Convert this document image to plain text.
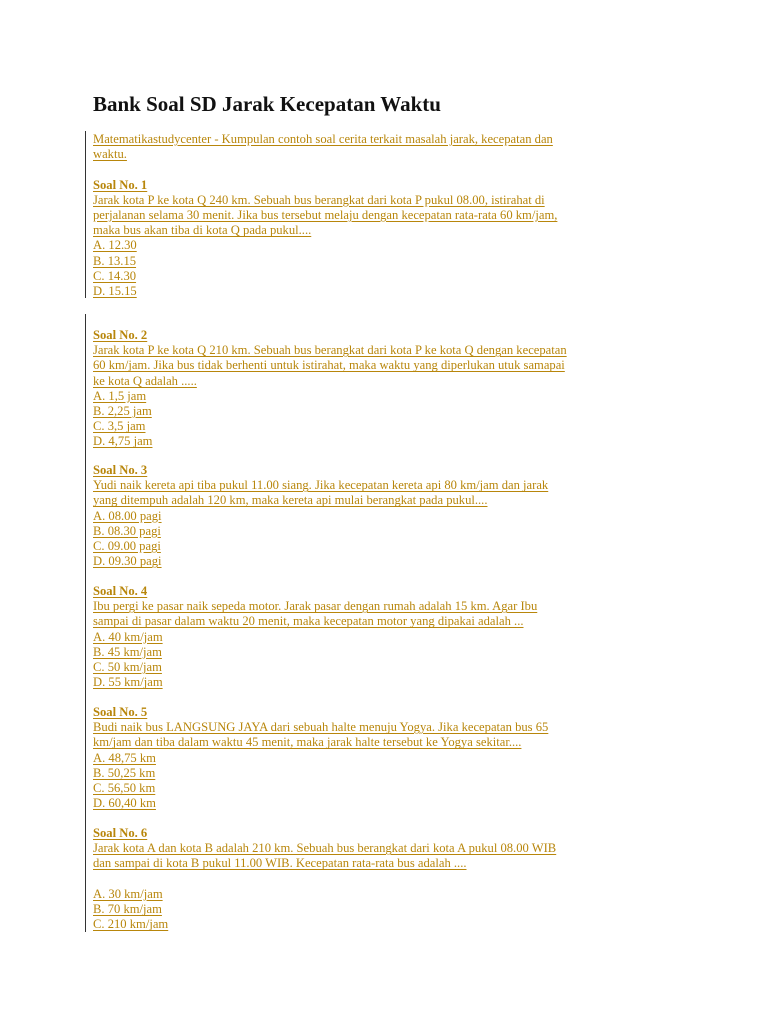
Bank Soal SD Jarak Kecepatan Waktu
Matematikastudycenter - Kumpulan contoh soal cerita terkait masalah jarak, kecepatan dan
waktu.
Soal No. 1
Jarak kota P ke kota Q 240 km. Sebuah bus berangkat dari kota P pukul 08.00, istirahat di
perjalanan selama 30 menit. Jika bus tersebut melaju dengan kecepatan rata-rata 60 km/jam,
maka bus akan tiba di kota Q pada pukul....
A. 12.30
B. 13.15
C. 14.30
D. 15.15
Soal No. 2
Jarak kota P ke kota Q 210 km. Sebuah bus berangkat dari kota P ke kota Q dengan kecepatan
60 km/jam. Jika bus tidak berhenti untuk istirahat, maka waktu yang diperlukan utuk samapai
ke kota Q adalah .....
A. 1,5 jam
B. 2,25 jam
C. 3,5 jam
D. 4,75 jam
Soal No. 3
Yudi naik kereta api tiba pukul 11.00 siang. Jika kecepatan kereta api 80 km/jam dan jarak
yang ditempuh adalah 120 km, maka kereta api mulai berangkat pada pukul....
A. 08.00 pagi
B. 08.30 pagi
C. 09.00 pagi
D. 09.30 pagi
Soal No. 4
Ibu pergi ke pasar naik sepeda motor. Jarak pasar dengan rumah adalah 15 km. Agar Ibu
sampai di pasar dalam waktu 20 menit, maka kecepatan motor yang dipakai adalah ...
A. 40 km/jam
B. 45 km/jam
C. 50 km/jam
D. 55 km/jam
Soal No. 5
Budi naik bus LANGSUNG JAYA dari sebuah halte menuju Yogya. Jika kecepatan bus 65
km/jam dan tiba dalam waktu 45 menit, maka jarak halte tersebut ke Yogya sekitar....
A. 48,75 km
B. 50,25 km
C. 56,50 km
D. 60,40 km
Soal No. 6
Jarak kota A dan kota B adalah 210 km. Sebuah bus berangkat dari kota A pukul 08.00 WIB
dan sampai di kota B pukul 11.00 WIB. Kecepatan rata-rata bus adalah ....
A. 30 km/jam
B. 70 km/jam
C. 210 km/jam
